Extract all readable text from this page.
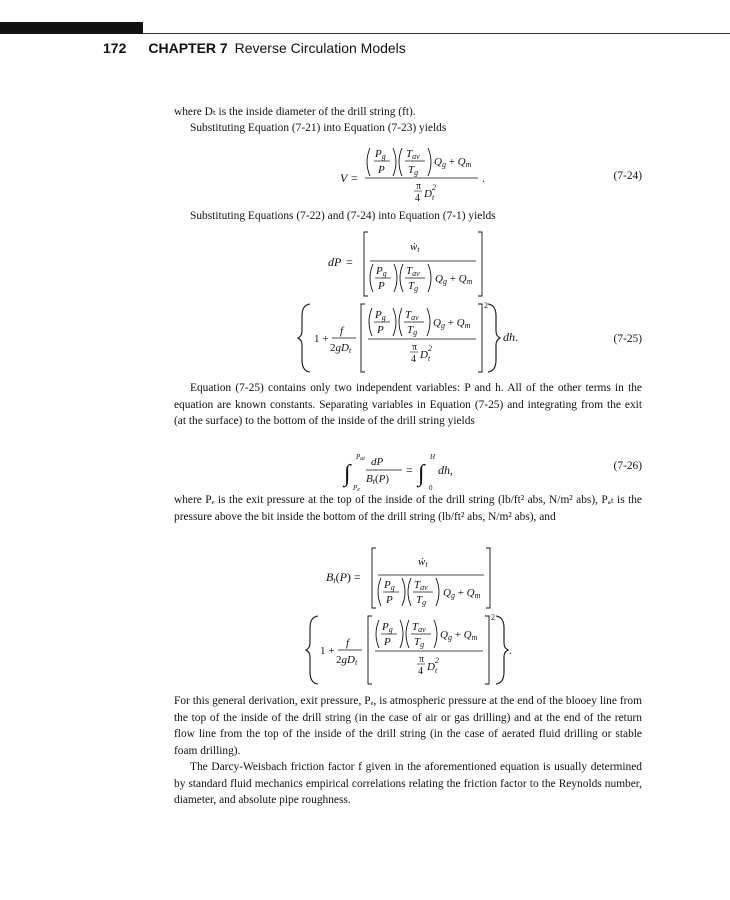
172 CHAPTER 7 Reverse Circulation Models
where Dₜ is the inside diameter of the drill string (ft).
Substituting Equation (7-21) into Equation (7-23) yields
V =
Pg
P
Tav
Tg
Qg + Qm
π
4 $D^2$ t
.	(7-24)
Substituting Equations (7-22) and (7-24) into Equation (7-1) yields
dP =
ẇt
Pg
P
Tav
Tg
Qg + Qm
1 +
f
2gDt
Pg
P
Tav
Tg
Qg + Qm
π
4 $D^2$ t
2
dh.	(7-25)
Equation (7-25) contains only two independent variables: P and h. All of the other terms in the equation are known constants. Separating variables in Equation (7-25) and integrating from the exit (at the surface) to the bottom of the inside of the drill string yields
∫
Pat
Pe
dP
Bt(P)
= ∫
H
0
dh,	(7-26)
where Pₑ is the exit pressure at the top of the inside of the drill string (lb/ft² abs, N/m² abs), Pₐₜ is the pressure above the bit inside the bottom of the drill string (lb/ft² abs, N/m² abs), and
Bt(P) =
ẇt
Pg
P
Tav
Tg
Qg + Qm
1 +
f
2gDt
Pg
P
Tav
Tg
Qg + Qm
π
4 $D^2$ t
2
.
For this general derivation, exit pressure, Pₑ, is atmospheric pressure at the end of the blooey line from the top of the inside of the drill string (in the case of air or gas drilling) and at the end of the return flow line from the top of the inside of the drill string (in the case of aerated fluid drilling or stable foam drilling).
The Darcy-Weisbach friction factor f given in the aforementioned equation is usually determined by standard fluid mechanics empirical correlations relating the friction factor to the Reynolds number, diameter, and absolute pipe roughness.
